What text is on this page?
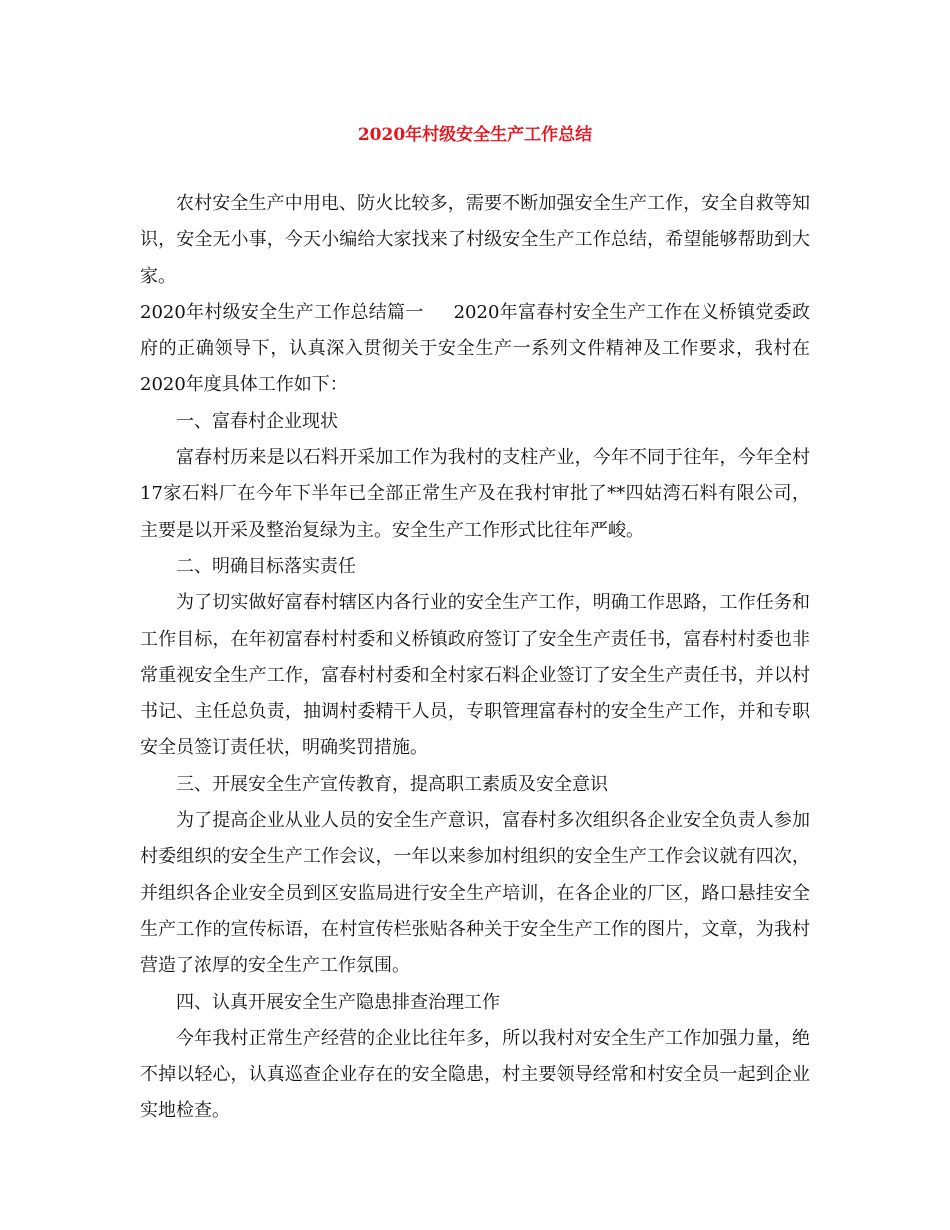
2020年村级安全生产工作总结

农村安全生产中用电、防火比较多，需要不断加强安全生产工作，安全自救等知识，安全无小事，今天小编给大家找来了村级安全生产工作总结，希望能够帮助到大家。

2020年村级安全生产工作总结篇一 2020年富春村安全生产工作在义桥镇党委政府的正确领导下，认真深入贯彻关于安全生产一系列文件精神及工作要求，我村在2020年度具体工作如下：

一、富春村企业现状

富春村历来是以石料开采加工作为我村的支柱产业，今年不同于往年，今年全村17家石料厂在今年下半年已全部正常生产及在我村审批了**四姑湾石料有限公司，主要是以开采及整治复绿为主。安全生产工作形式比往年严峻。

二、明确目标落实责任

为了切实做好富春村辖区内各行业的安全生产工作，明确工作思路，工作任务和工作目标，在年初富春村村委和义桥镇政府签订了安全生产责任书，富春村村委也非常重视安全生产工作，富春村村委和全村家石料企业签订了安全生产责任书，并以村书记、主任总负责，抽调村委精干人员，专职管理富春村的安全生产工作，并和专职安全员签订责任状，明确奖罚措施。

三、开展安全生产宣传教育，提高职工素质及安全意识

为了提高企业从业人员的安全生产意识，富春村多次组织各企业安全负责人参加村委组织的安全生产工作会议，一年以来参加村组织的安全生产工作会议就有四次，并组织各企业安全员到区安监局进行安全生产培训，在各企业的厂区，路口悬挂安全生产工作的宣传标语，在村宣传栏张贴各种关于安全生产工作的图片，文章，为我村营造了浓厚的安全生产工作氛围。

四、认真开展安全生产隐患排查治理工作

今年我村正常生产经营的企业比往年多，所以我村对安全生产工作加强力量，绝不掉以轻心，认真巡查企业存在的安全隐患，村主要领导经常和村安全员一起到企业实地检查。
